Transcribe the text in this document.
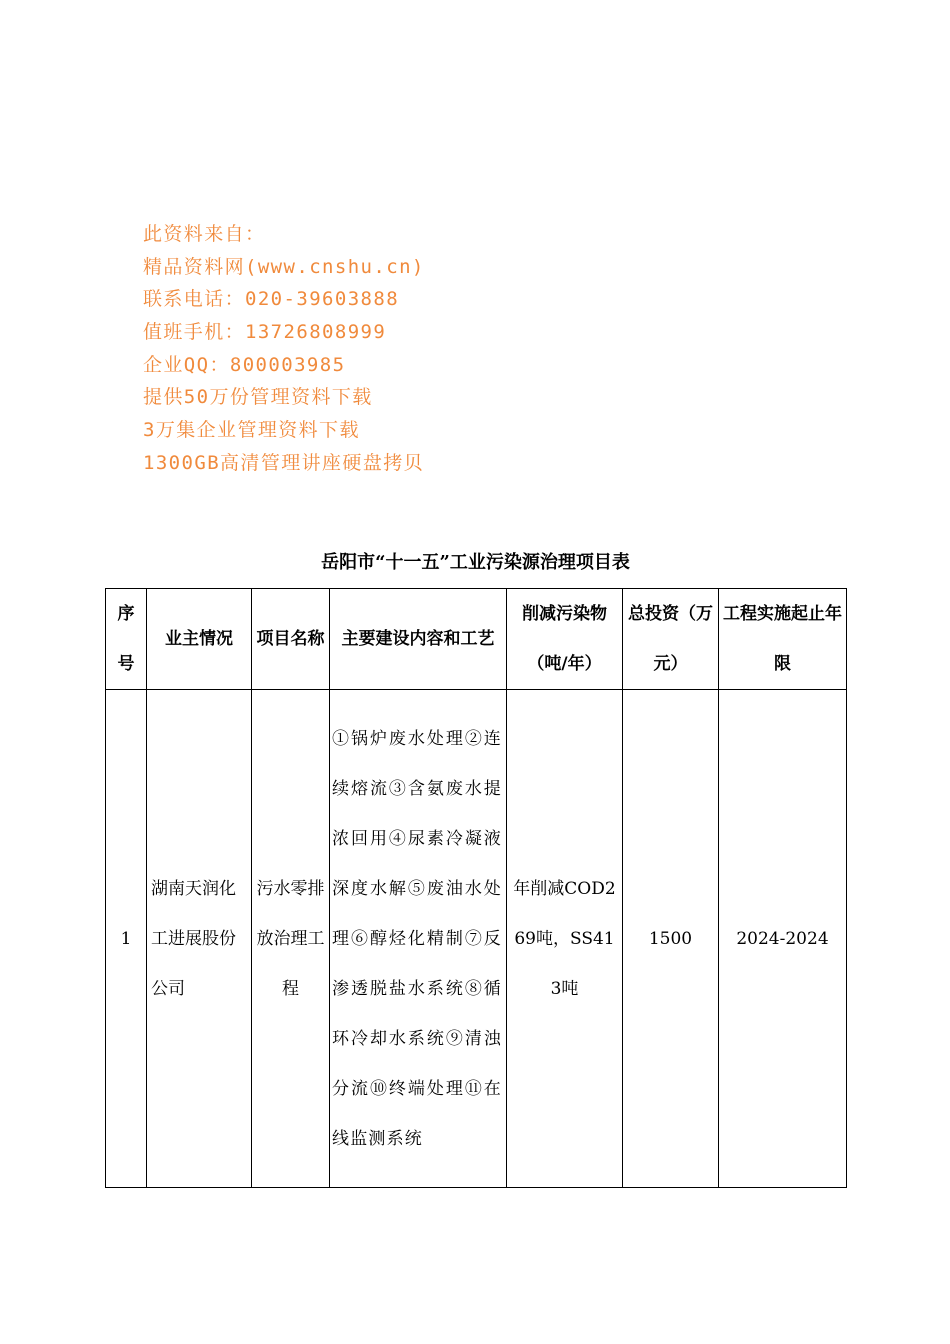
此资料来自：
精品资料网(www.cnshu.cn)
联系电话：020-39603888
值班手机：13726808999
企业QQ：800003985
提供50万份管理资料下载
3万集企业管理资料下载
1300GB高清管理讲座硬盘拷贝
岳阳市“十一五”工业污染源治理项目表
序号	业主情况	项目名称	主要建设内容和工艺	削减污染物（吨/年）	总投资（万元）	工程实施起止年限

1	湖南天润化工进展股份公司	污水零排放治理工程	①锅炉废水处理②连续熔流③含氨废水提浓回用④尿素冷凝液深度水解⑤废油水处理⑥醇烃化精制⑦反渗透脱盐水系统⑧循环冷却水系统⑨清浊分流⑩终端处理⑪在线监测系统	年削减COD269吨，SS413吨	1500	2024-2024
